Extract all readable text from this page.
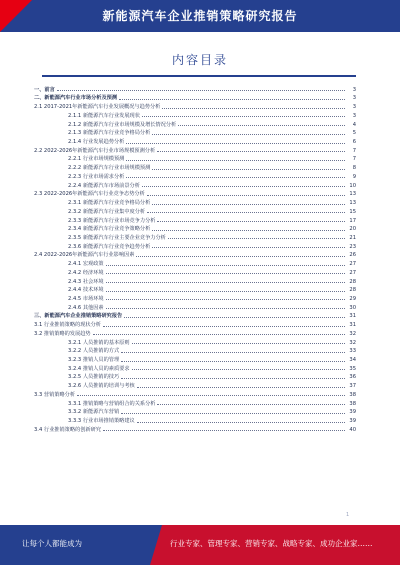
新能源汽车企业推销策略研究报告
内容目录
一、前言	3
二、新能源汽车行业市场分析及预测	3
2.1 2017-2021年新能源汽车行业发展概况与趋势分析	3
2.1.1 新能源汽车行业发展现状	3
2.1.2 新能源汽车行业市场规模及增长情况分析	4
2.1.3 新能源汽车行业竞争格局分析	5
2.1.4 行业发展趋势分析	6
2.2 2022-2026年新能源汽车行业市场规模预测分析	7
2.2.1 行业市场规模预测	7
2.2.2 新能源汽车行业市场规模预测	8
2.2.3 行业市场需求分析	9
2.2.4 新能源汽车市场前景分析	10
2.3 2022-2026年新能源汽车行业竞争态势分析	13
2.3.1 新能源汽车行业竞争格局分析	13
2.3.2 新能源汽车行业集中度分析	15
2.3.3 新能源汽车行业市场竞争力分析	17
2.3.4 新能源汽车行业竞争策略分析	20
2.3.5 新能源汽车行业主要企业竞争力分析	21
2.3.6 新能源汽车行业竞争趋势分析	23
2.4 2022-2026年新能源汽车行业影响因素	26
2.4.1 宏观政策	27
2.4.2 经济环境	27
2.4.3 社会环境	28
2.4.4 技术环境	28
2.4.5 市场环境	29
2.4.6 其他因素	30
三、新能源汽车企业推销策略研究报告	31
3.1 行业推销策略的现状分析	31
3.2 推销策略的发展趋势	32
3.2.1 人员推销的基本原则	32
3.2.2 人员推销的方式	33
3.2.3 推销人员的管理	34
3.2.4 推销人员的素质要求	35
3.2.5 人员推销的技巧	36
3.2.6 人员推销的培训与考核	37
3.3 营销策略分析	38
3.3.1 推销策略与营销组合的关系分析	38
3.3.2 新能源汽车营销	39
3.3.3 行业市场推销策略建议	39
3.4 行业推销策略的创新研究	40
1
让每个人都能成为	行业专家、管理专家、营销专家、战略专家、成功企业家……
